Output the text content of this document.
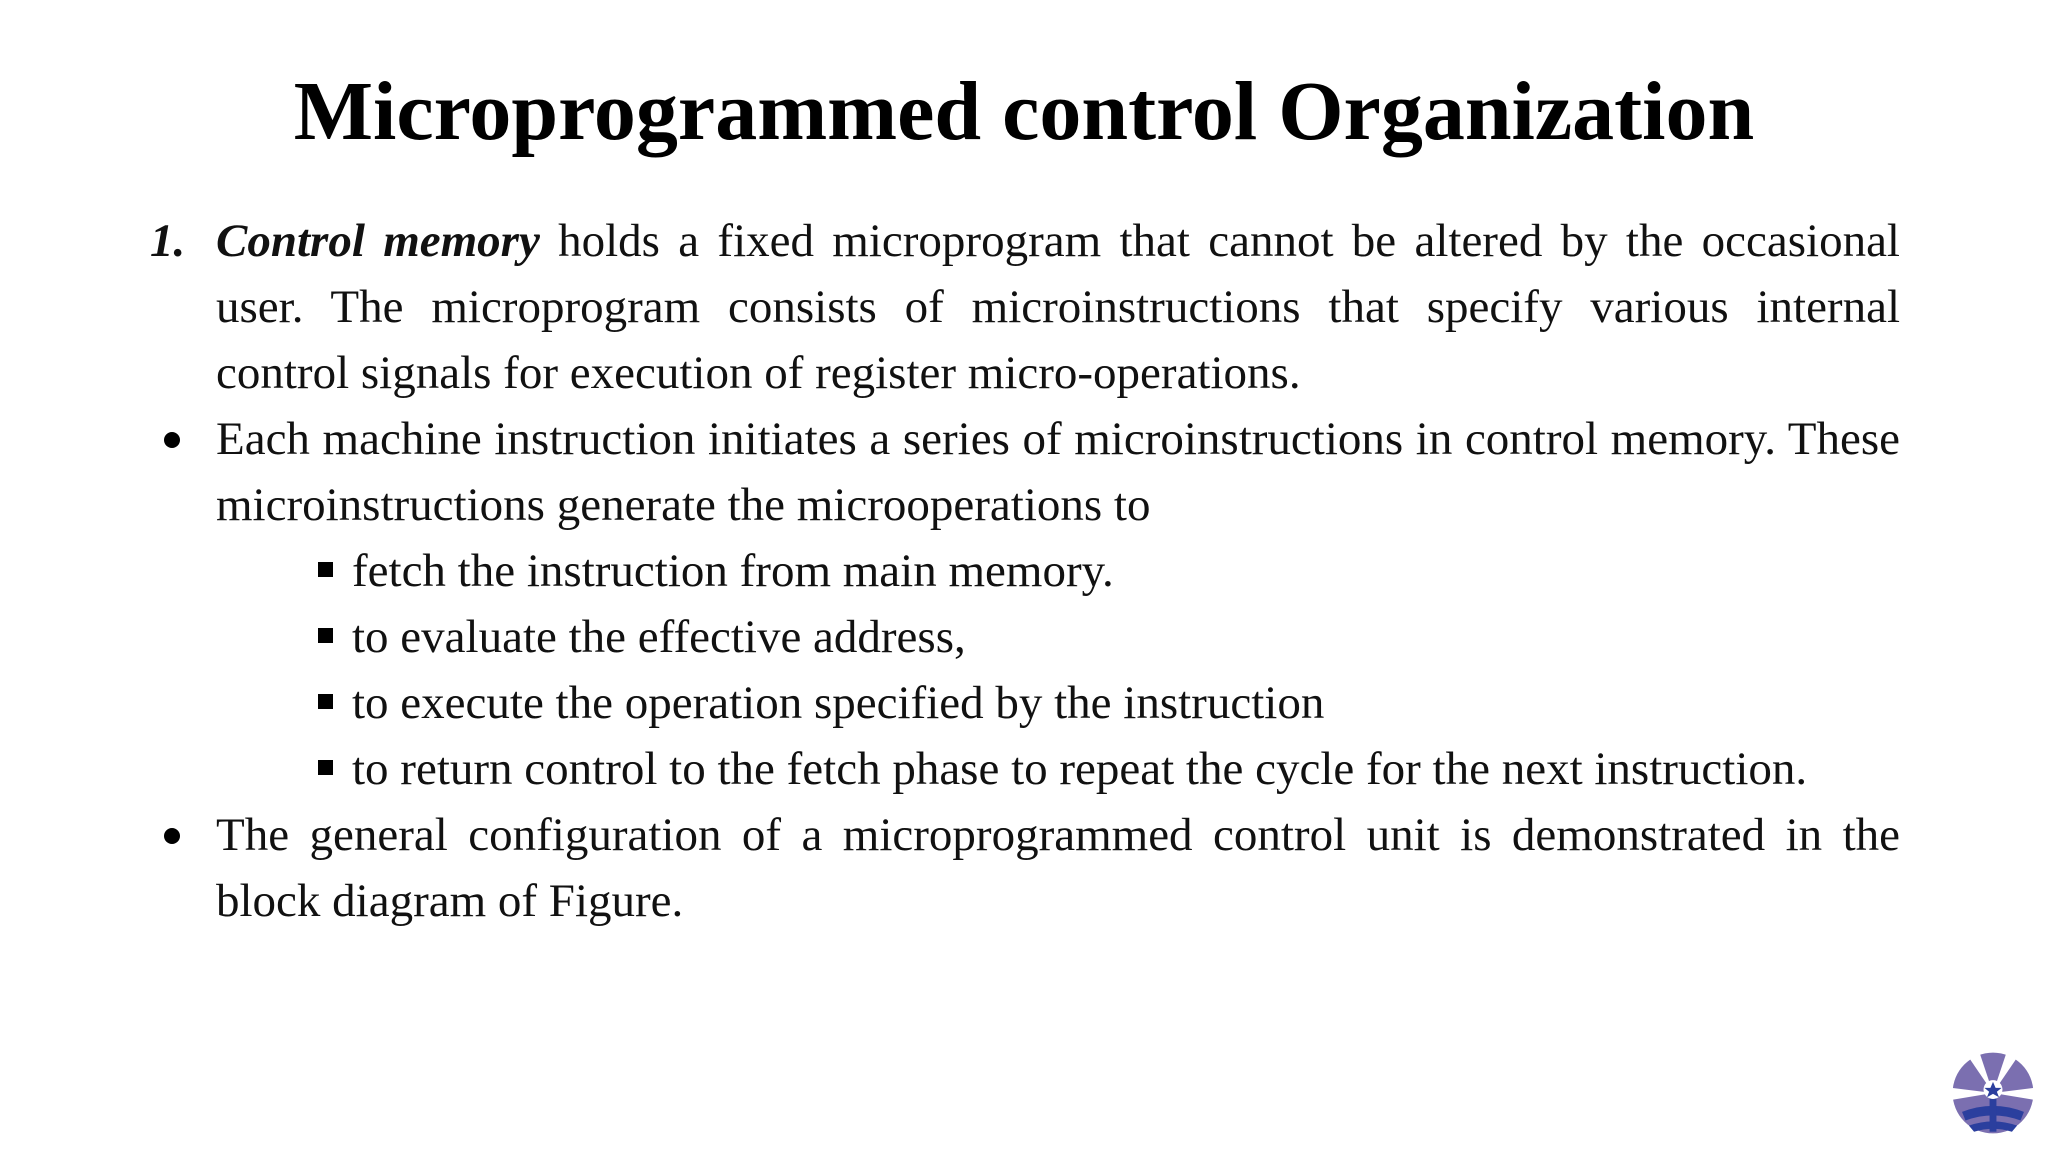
Microprogrammed control Organization
1. Control memory holds a fixed microprogram that cannot be altered by the occasional user. The microprogram consists of microinstructions that specify various internal control signals for execution of register micro-operations.
Each machine instruction initiates a series of microinstructions in control memory. These microinstructions generate the microoperations to
fetch the instruction from main memory.
to evaluate the effective address,
to execute the operation specified by the instruction
to return control to the fetch phase to repeat the cycle for the next instruction.
The general configuration of a microprogrammed control unit is demonstrated in the block diagram of Figure.
